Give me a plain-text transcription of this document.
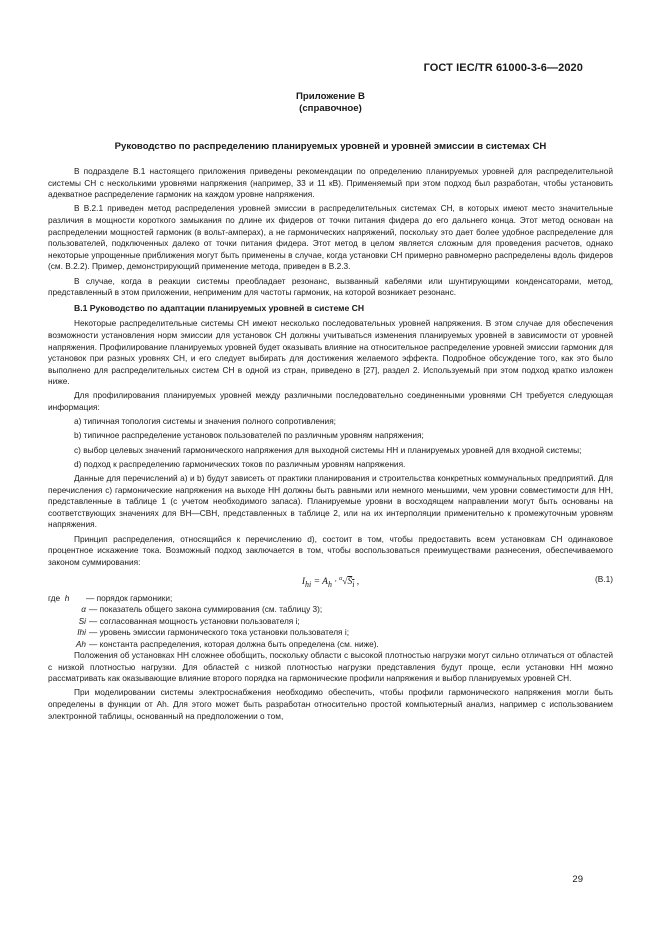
ГОСТ IEC/TR 61000-3-6—2020
Приложение В
(справочное)
Руководство по распределению планируемых уровней и уровней эмиссии в системах СН

В подразделе В.1 настоящего приложения приведены рекомендации по определению планируемых уровней для распределительной системы СН с несколькими уровнями напряжения (например, 33 и 11 кВ). Применяемый при этом подход был разработан, чтобы установить адекватное распределение гармоник на каждом уровне напряжения.

В В.2.1 приведен метод распределения уровней эмиссии в распределительных системах СН, в которых имеют место значительные различия в мощности короткого замыкания по длине их фидеров от точки питания фидера до его дальнего конца. Этот метод основан на распределении мощностей гармоник (в вольт-амперах), а не гармонических напряжений, поскольку это дает более удобное распределение для пользователей, подключенных далеко от точки питания фидера. Этот метод в целом является сложным для проведения расчетов, однако некоторые упрощенные приближения могут быть применены в случае, когда установки СН примерно равномерно распределены вдоль фидеров (см. В.2.2). Пример, демонстрирующий применение метода, приведен в В.2.3.

В случае, когда в реакции системы преобладает резонанс, вызванный кабелями или шунтирующими конденсаторами, метод, представленный в этом приложении, неприменим для частоты гармоник, на которой возникает резонанс.

В.1 Руководство по адаптации планируемых уровней в системе СН

Некоторые распределительные системы СН имеют несколько последовательных уровней напряжения. В этом случае для обеспечения возможности установления норм эмиссии для установок СН должны учитываться изменения планируемых уровней в зависимости от уровней напряжения. Профилирование планируемых уровней будет оказывать влияние на относительное распределение уровней эмиссии гармоник для установок при разных уровнях СН, и его следует выбирать для достижения желаемого эффекта. Подробное обсуждение того, как это было выполнено для распределительных систем СН в одной из стран, приведено в [27], раздел 2. Используемый при этом подход кратко изложен ниже.

Для профилирования планируемых уровней между различными последовательно соединенными уровнями СН требуется следующая информация:

а) типичная топология системы и значения полного сопротивления;

b) типичное распределение установок пользователей по различным уровням напряжения;

с) выбор целевых значений гармонического напряжения для выходной системы НН и планируемых уровней для входной системы;

d) подход к распределению гармонических токов по различным уровням напряжения.

Данные для перечислений а) и b) будут зависеть от практики планирования и строительства конкретных коммунальных предприятий. Для перечисления с) гармонические напряжения на выходе НН должны быть равными или немного меньшими, чем уровни совместимости для НН, представленные в таблице 1 (с учетом необходимого запаса). Планируемые уровни в восходящем направлении могут быть основаны на соответствующих значениях для ВН—СВН, представленных в таблице 2, или на их интерполяции применительно к промежуточным уровням напряжения.

Принцип распределения, относящийся к перечислению d), состоит в том, чтобы предоставить всем установкам СН одинаковое процентное искажение тока. Возможный подход заключается в том, чтобы воспользоваться преимуществами разнесения, обеспечиваемого законом суммирования:

$I_{hi} = A_h \cdot ^\alpha√S_i$ ,	(В.1)
где h	— порядок гармоники;
α — показатель общего закона суммирования (см. таблицу 3);
Si — согласованная мощность установки пользователя i;
Ihi — уровень эмиссии гармонического тока установки пользователя i;
Ah — константа распределения, которая должна быть определена (см. ниже).

Положения об установках НН сложнее обобщить, поскольку области с высокой плотностью нагрузки могут сильно отличаться от областей с низкой плотностью нагрузки. Для областей с низкой плотностью нагрузки представления будут проще, если установки НН можно рассматривать как оказывающие влияние второго порядка на гармонические профили напряжения и выбор планируемых уровней СН.

При моделировании системы электроснабжения необходимо обеспечить, чтобы профили гармонического напряжения могли быть определены в функции от Ah. Для этого может быть разработан относительно простой компьютерный анализ, например с использованием электронной таблицы, основанный на предположении о том,

29
